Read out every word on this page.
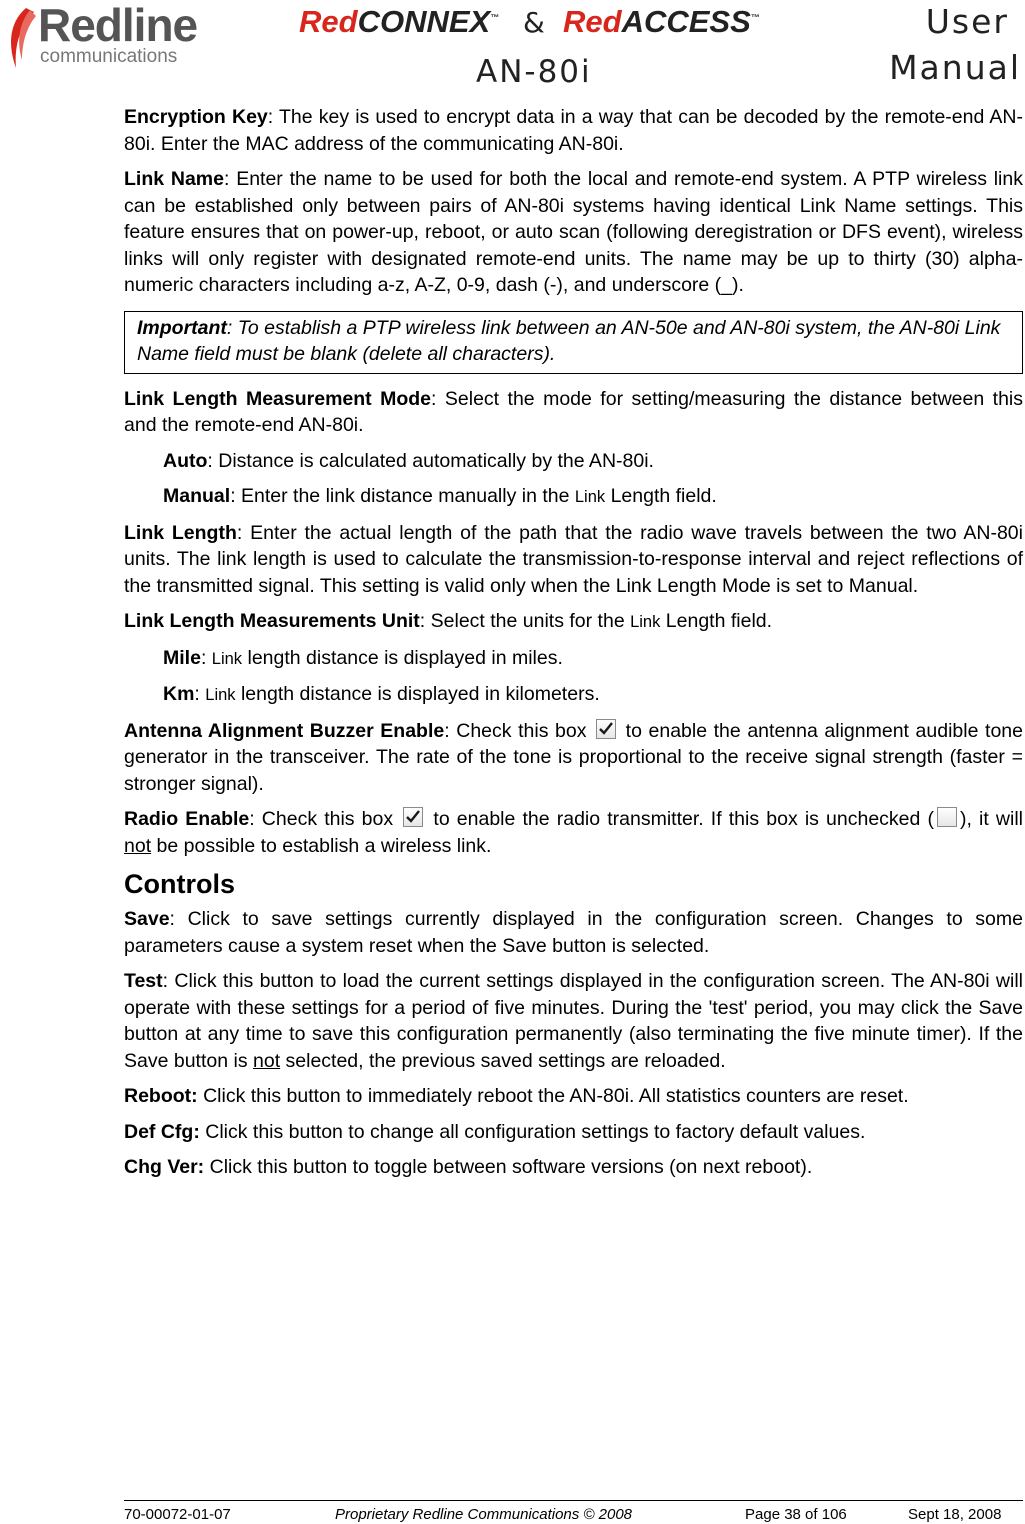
Redline
communications
RedCONNEX™ & RedACCESS™	User
AN-80i	Manual

Encryption Key: The key is used to encrypt data in a way that can be decoded by the remote-end AN-80i. Enter the MAC address of the communicating AN-80i.

Link Name: Enter the name to be used for both the local and remote-end system. A PTP wireless link can be established only between pairs of AN-80i systems having identical Link Name settings. This feature ensures that on power-up, reboot, or auto scan (following deregistration or DFS event), wireless links will only register with designated remote-end units. The name may be up to thirty (30) alpha-numeric characters including a-z, A-Z, 0-9, dash (-), and underscore (_).

Important: To establish a PTP wireless link between an AN-50e and AN-80i system, the AN-80i Link Name field must be blank (delete all characters).

Link Length Measurement Mode: Select the mode for setting/measuring the distance between this and the remote-end AN-80i.

Auto: Distance is calculated automatically by the AN-80i.

Manual: Enter the link distance manually in the Link Length field.

Link Length: Enter the actual length of the path that the radio wave travels between the two AN-80i units. The link length is used to calculate the transmission-to-response interval and reject reflections of the transmitted signal. This setting is valid only when the Link Length Mode is set to Manual.

Link Length Measurements Unit: Select the units for the Link Length field.

Mile: Link length distance is displayed in miles.

Km: Link length distance is displayed in kilometers.

Antenna Alignment Buzzer Enable: Check this box
to enable the antenna alignment audible tone generator in the transceiver. The rate of the tone is proportional to the receive signal strength (faster = stronger signal).

Radio Enable: Check this box
to enable the radio transmitter. If this box is unchecked ( ), it will not be possible to establish a wireless link.

Controls

Save: Click to save settings currently displayed in the configuration screen. Changes to some parameters cause a system reset when the Save button is selected.

Test: Click this button to load the current settings displayed in the configuration screen. The AN-80i will operate with these settings for a period of five minutes. During the 'test' period, you may click the Save button at any time to save this configuration permanently (also terminating the five minute timer). If the Save button is not selected, the previous saved settings are reloaded.

Reboot: Click this button to immediately reboot the AN-80i. All statistics counters are reset.

Def Cfg: Click this button to change all configuration settings to factory default values.

Chg Ver: Click this button to toggle between software versions (on next reboot).

70-00072-01-07	Proprietary Redline Communications © 2008	Page 38 of 106	Sept 18, 2008
